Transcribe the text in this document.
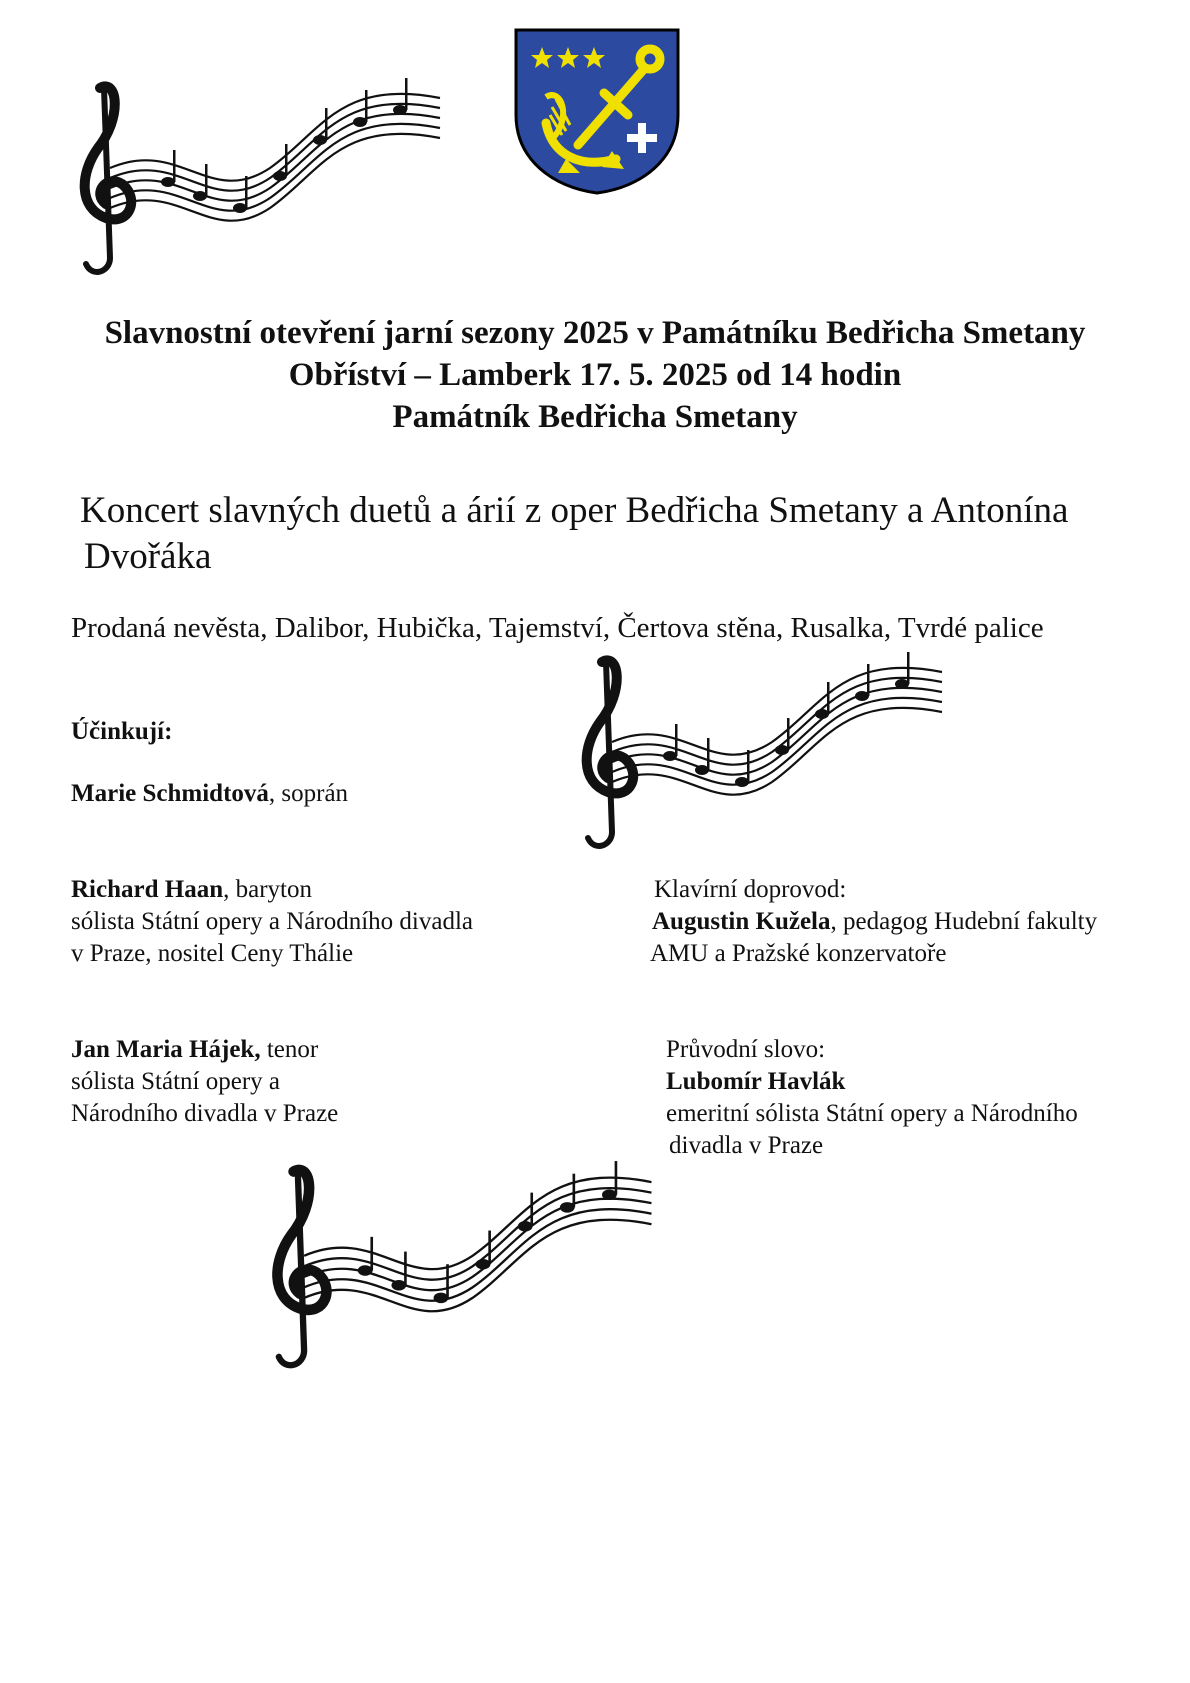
Slavnostní otevření jarní sezony 2025 v Památníku Bedřicha Smetany
Obříství – Lamberk 17. 5. 2025 od 14 hodin
Památník Bedřicha Smetany
Koncert slavných duetů a árií z oper Bedřicha Smetany a Antonína
Dvořáka
Prodaná nevěsta, Dalibor, Hubička, Tajemství, Čertova stěna, Rusalka, Tvrdé palice
Účinkují:
Marie Schmidtová, soprán
Richard Haan, baryton
sólista Státní opery a Národního divadla
v Praze, nositel Ceny Thálie
Jan Maria Hájek, tenor
sólista Státní opery a
Národního divadla v Praze
Klavírní doprovod:
Augustin Kužela, pedagog Hudební fakulty
AMU a Pražské konzervatoře
Průvodní slovo:
Lubomír Havlák
emeritní sólista Státní opery a Národního
divadla v Praze
